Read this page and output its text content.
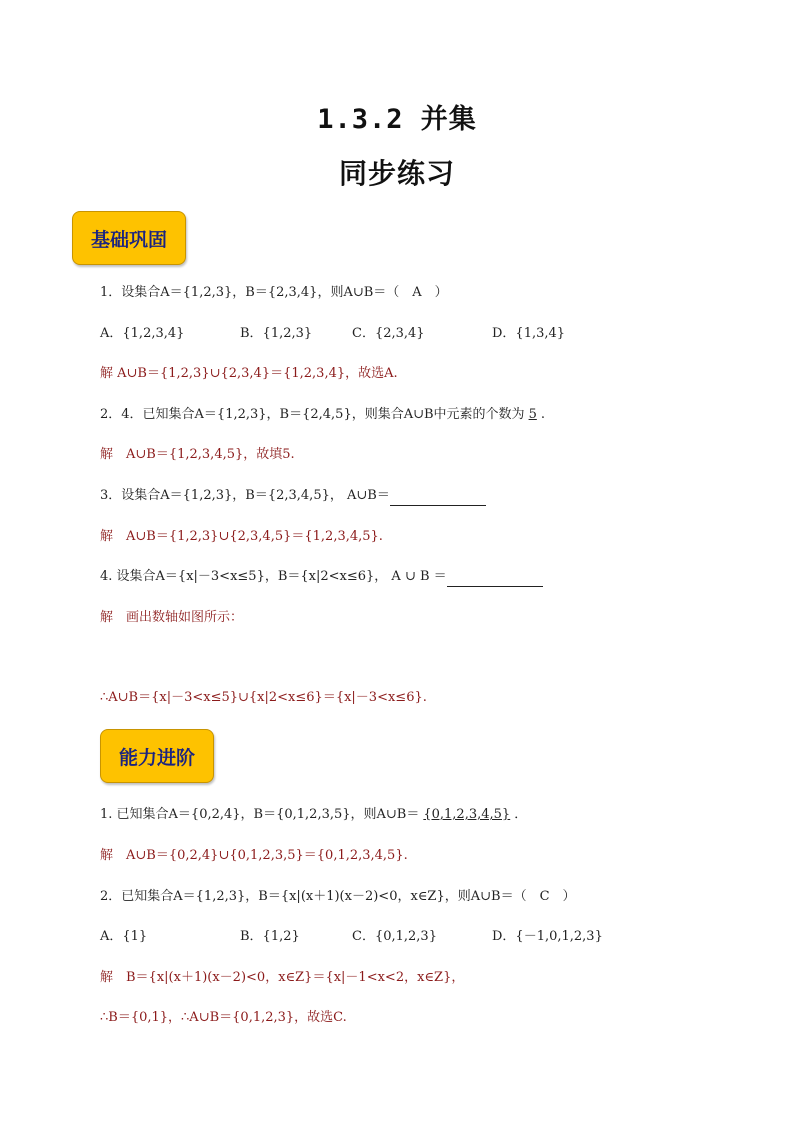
1.3.2 并集
同步练习
基础巩固
1．设集合A＝{1,2,3}，B＝{2,3,4}，则A∪B＝（　A　）
A．{1,2,3,4}	B．{1,2,3}	C．{2,3,4}	D．{1,3,4}
解 A∪B＝{1,2,3}∪{2,3,4}＝{1,2,3,4}，故选A.
2．4．已知集合A＝{1,2,3}，B＝{2,4,5}，则集合A∪B中元素的个数为 5 .
解　A∪B＝{1,2,3,4,5}，故填5.
3．设集合A＝{1,2,3}，B＝{2,3,4,5}， A∪B＝
解　A∪B＝{1,2,3}∪{2,3,4,5}＝{1,2,3,4,5}.
4. 设集合A＝{x|－3<x≤5}，B＝{x|2<x≤6}， A ∪ B ＝
解　画出数轴如图所示：
∴A∪B＝{x|－3<x≤5}∪{x|2<x≤6}＝{x|－3<x≤6}.
能力进阶
1. 已知集合A＝{0,2,4}，B＝{0,1,2,3,5}，则A∪B＝ {0,1,2,3,4,5} ．
解　A∪B＝{0,2,4}∪{0,1,2,3,5}＝{0,1,2,3,4,5}.
2．已知集合A＝{1,2,3}，B＝{x|(x＋1)(x－2)<0，x∈Z}，则A∪B＝（　C　）
A．{1}	B．{1,2}	C．{0,1,2,3}	D．{－1,0,1,2,3}
解　B＝{x|(x＋1)(x－2)<0，x∈Z}＝{x|－1<x<2，x∈Z}，
∴B＝{0,1}，∴A∪B＝{0,1,2,3}，故选C.
